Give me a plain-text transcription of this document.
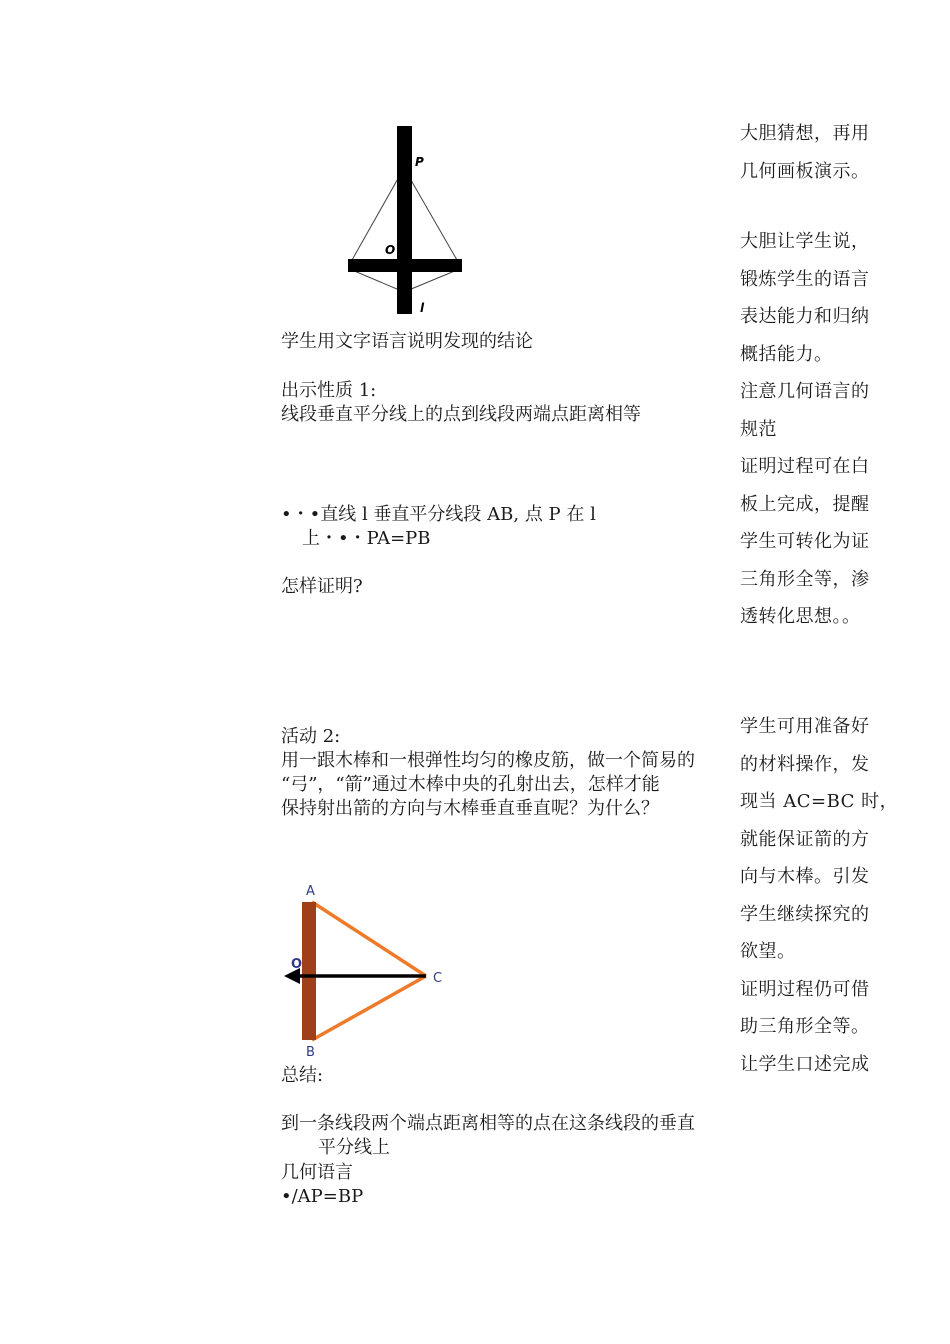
P
O
l
学生用文字语言说明发现的结论
出示性质 1:
线段垂直平分线上的点到线段两端点距离相等
•・•直线 l 垂直平分线段 AB, 点 P 在 l
上・•・PA=PB
怎样证明?
活动 2:
用一跟木棒和一根弹性均匀的橡皮筋，做一个简易的
“弓”，“箭”通过木棒中央的孔射出去，怎样才能
保持射出箭的方向与木棒垂直垂直呢？为什么？
A
O
B
C
总结:
到一条线段两个端点距离相等的点在这条线段的垂直
平分线上
几何语言
•/AP=BP
大胆猜想，再用
几何画板演示。
大胆让学生说，
锻炼学生的语言
表达能力和归纳
概括能力。
注意几何语言的
规范
证明过程可在白
板上完成，提醒
学生可转化为证
三角形全等，渗
透转化思想。。
学生可用准备好
的材料操作，发
现当 AC=BC 时，
就能保证箭的方
向与木棒。引发
学生继续探究的
欲望。
证明过程仍可借
助三角形全等。
让学生口述完成
